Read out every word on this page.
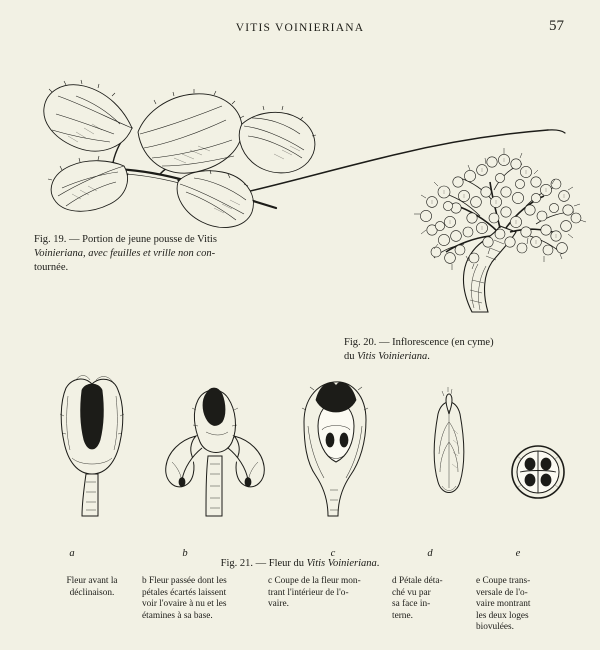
VITIS VOINIERIANA	57
Fig. 19. — Portion de jeune pousse de Vitis
Voinieriana, avec feuilles et vrille non con-
tournée.
Fig. 20. — Inflorescence (en cyme)
du Vitis Voinieriana.
a	b	c	d	e
Fig. 21. — Fleur du Vitis Voinieriana.
Fleur avant la
déclinaison.
b Fleur passée dont les
pétales écartés laissent
voir l'ovaire à nu et les
étamines à sa base.
c Coupe de la fleur mon-
trant l'intérieur de l'o-
vaire.
d Pétale déta-
ché vu par
sa face in-
terne.
e Coupe trans-
versale de l'o-
vaire montrant
les deux loges
biovulées.
